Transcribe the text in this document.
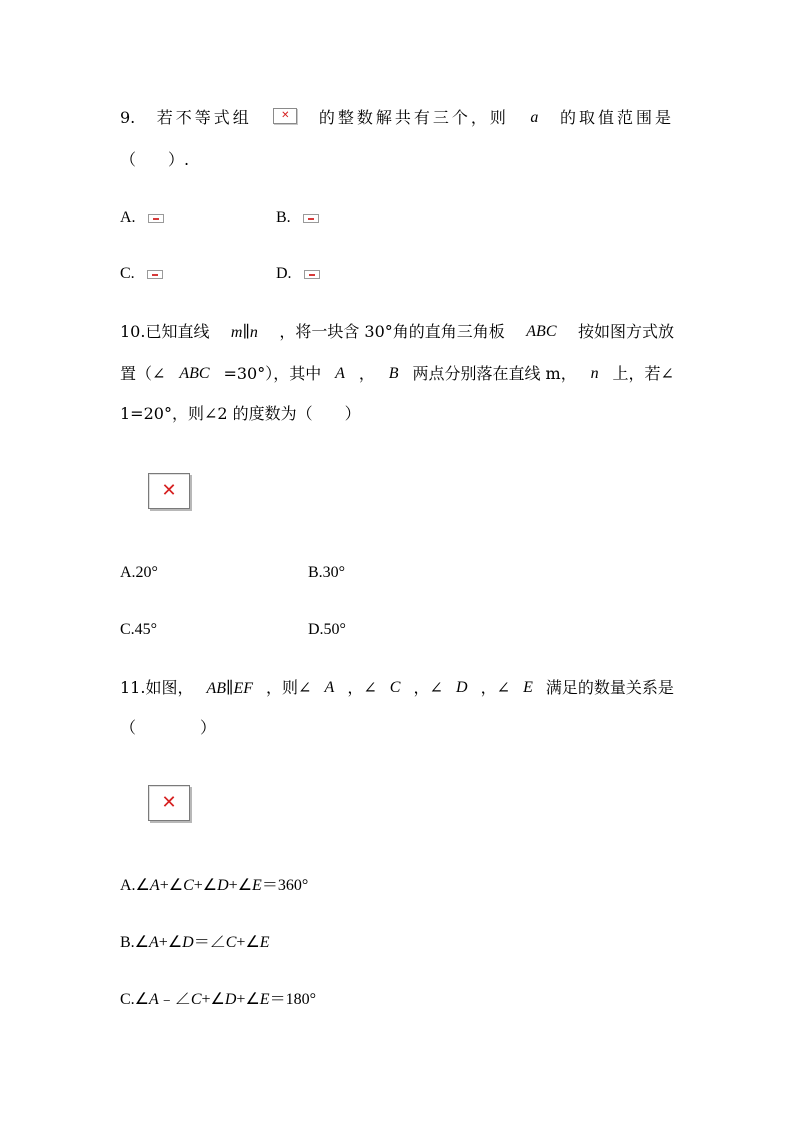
9. 若不等式组	✕ 的整数解共有三个，则 a 的取值范围是
（　　）.
A.	B.
C.	D.
10.已知直线 m∥n ，将一块含 30°角的直角三角板 ABC 按如图方式放
置（∠ ABC =30°），其中 A ， B 两点分别落在直线 m， n 上，若∠
1=20°，则∠2 的度数为（　　）
✕
A.20°	B.30°
C.45°	D.50°
11.如图， AB∥EF ，则∠ A ，∠ C ，∠ D ，∠ E 满足的数量关系是
（　　　　）
✕
A.∠A+∠C+∠D+∠E＝360°
B.∠A+∠D＝∠C+∠E
C.∠A﹣∠C+∠D+∠E＝180°
